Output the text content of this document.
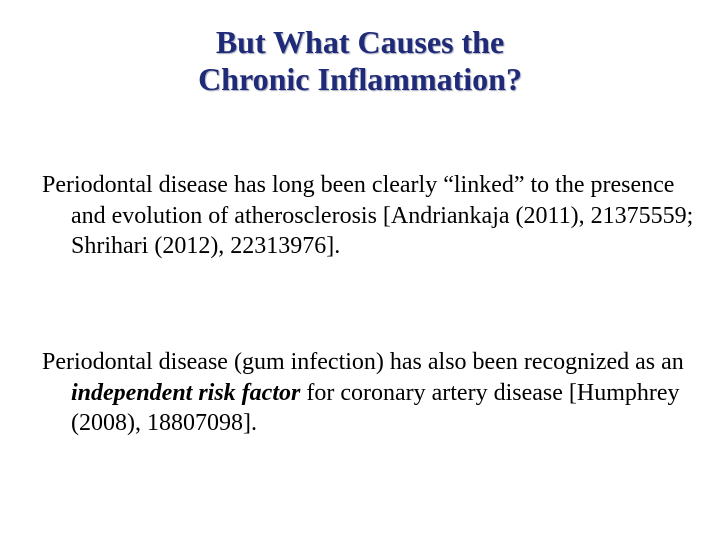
But What Causes the
Chronic Inflammation?

Periodontal disease has long been clearly “linked” to the presence and evolution of atherosclerosis [Andriankaja (2011), 21375559; Shrihari (2012), 22313976].

Periodontal disease (gum infection) has also been recognized as an independent risk factor for coronary artery disease [Humphrey (2008), 18807098].
